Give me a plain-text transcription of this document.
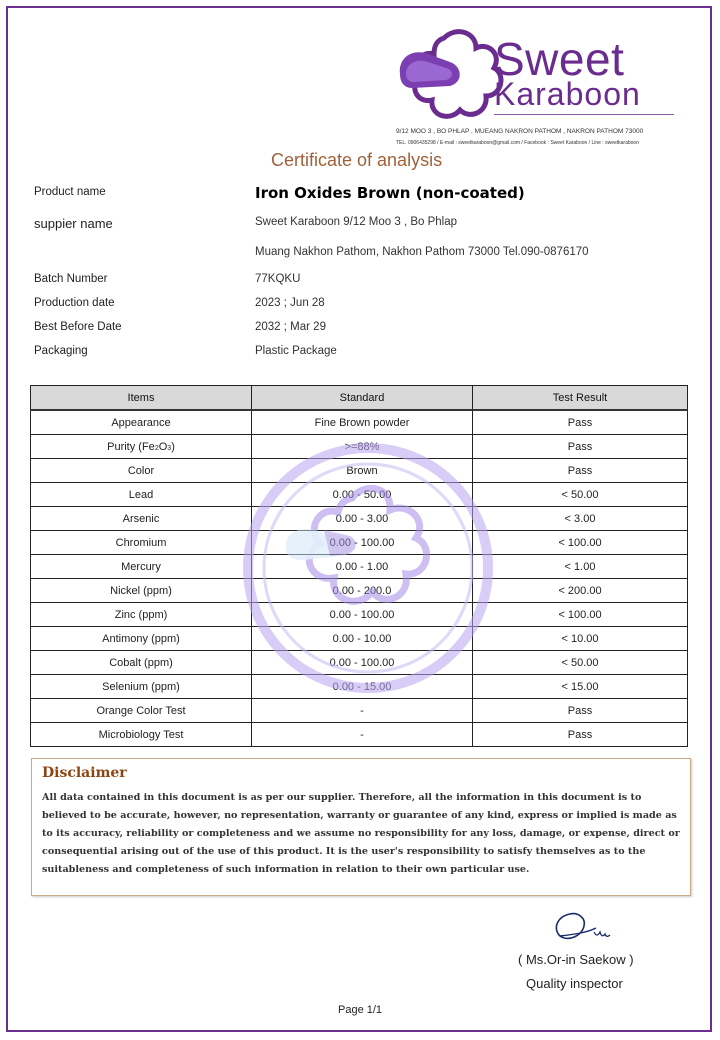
Sweet
Karaboon
9/12 MOO 3 , BO PHLAP , MUEANG NAKRON PATHOM , NAKRON PATHOM 73000
TEL. 0906435298 / E-mail : sweetkaraboon@gmail.com / Facebook : Sweet Karaboon / Line : sweetkaraboon
Certificate of analysis
Product name	Iron Oxides Brown (non-coated)
suppier name	Sweet Karaboon 9/12 Moo 3 , Bo Phlap
Muang Nakhon Pathom, Nakhon Pathom 73000 Tel.090-0876170
Batch Number	77KQKU
Production date	2023 ; Jun 28
Best Before Date	2032 ; Mar 29
Packaging	Plastic Package
Items	Standard	Test Result
Appearance	Fine Brown powder	Pass
Purity (Fe2O3)	>=88%	Pass
Color	Brown	Pass
Lead	0.00 - 50.00	< 50.00
Arsenic	0.00 - 3.00	< 3.00
Chromium	0.00 - 100.00	< 100.00
Mercury	0.00 - 1.00	< 1.00
Nickel (ppm)	0.00 - 200.0	< 200.00
Zinc (ppm)	0.00 - 100.00	< 100.00
Antimony (ppm)	0.00 - 10.00	< 10.00
Cobalt (ppm)	0.00 - 100.00	< 50.00
Selenium (ppm)	0.00 - 15.00	< 15.00
Orange Color Test	-	Pass
Microbiology Test	-	Pass
Disclaimer
All data contained in this document is as per our supplier. Therefore, all the information in this document is to believed to be accurate, however, no representation, warranty or guarantee of any kind, express or implied is made as to its accuracy, reliability or completeness and we assume no responsibility for any loss, damage, or expense, direct or consequential arising out of the use of this product. It is the user's responsibility to satisfy themselves as to the suitableness and completeness of such information in relation to their own particular use.
( Ms.Or-in Saekow )
Quality inspector
Page 1/1
